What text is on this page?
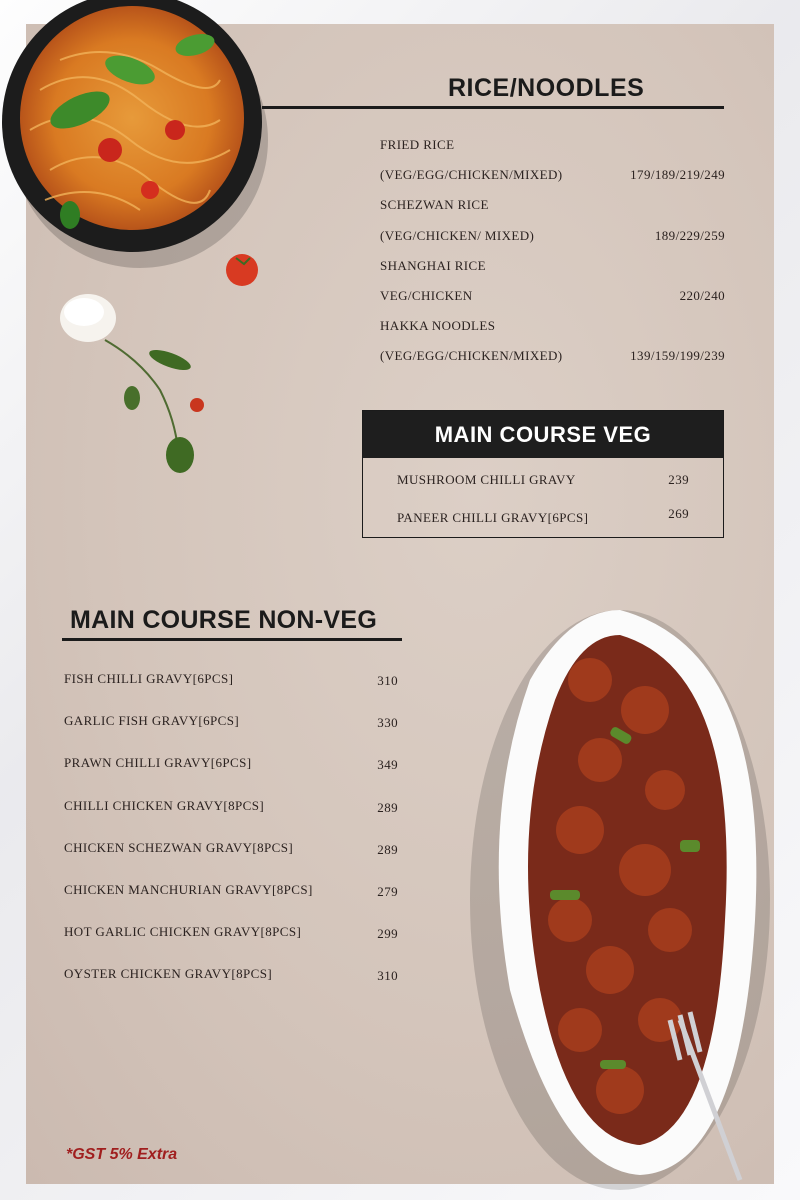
RICE/NOODLES
FRIED RICE
(VEG/EGG/CHICKEN/MIXED)	179/189/219/249
SCHEZWAN RICE
(VEG/CHICKEN/ MIXED)	189/229/259
SHANGHAI RICE
VEG/CHICKEN	220/240
HAKKA NOODLES
(VEG/EGG/CHICKEN/MIXED)	139/159/199/239
MAIN COURSE VEG
MUSHROOM CHILLI GRAVY	239
PANEER CHILLI GRAVY[6PCS]	269
MAIN COURSE NON-VEG
FISH CHILLI GRAVY[6PCS]	310
GARLIC FISH GRAVY[6PCS]	330
PRAWN CHILLI GRAVY[6PCS]	349
CHILLI CHICKEN GRAVY[8PCS]	289
CHICKEN SCHEZWAN GRAVY[8PCS]	289
CHICKEN MANCHURIAN GRAVY[8PCS]	279
HOT GARLIC CHICKEN GRAVY[8PCS]	299
OYSTER CHICKEN GRAVY[8PCS]	310
*GST 5% Extra
